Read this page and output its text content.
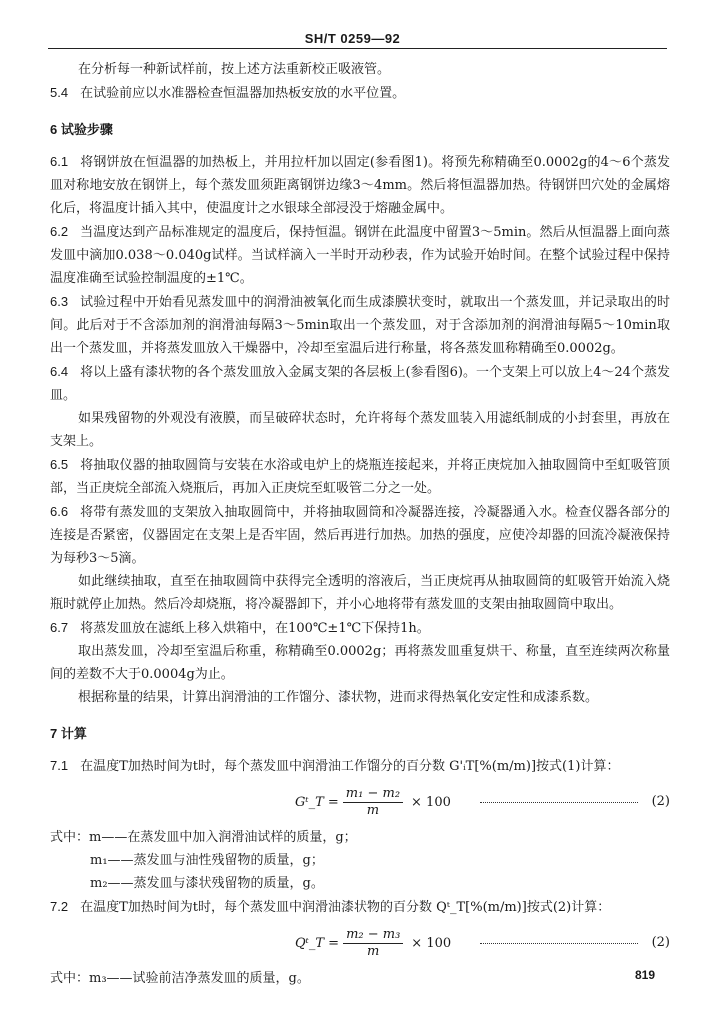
SH/T 0259—92

在分析每一种新试样前，按上述方法重新校正吸液管。

5.4 在试验前应以水准器检查恒温器加热板安放的水平位置。

6 试验步骤

6.1 将钢饼放在恒温器的加热板上，并用拉杆加以固定(参看图1)。将预先称精确至0.0002g的4～6个蒸发皿对称地安放在钢饼上，每个蒸发皿须距离钢饼边缘3～4mm。然后将恒温器加热。待钢饼凹穴处的金属熔化后，将温度计插入其中，使温度计之水银球全部浸没于熔融金属中。

6.2 当温度达到产品标准规定的温度后，保持恒温。钢饼在此温度中留置3～5min。然后从恒温器上面向蒸发皿中滴加0.038～0.040g试样。当试样滴入一半时开动秒表，作为试验开始时间。在整个试验过程中保持温度准确至试验控制温度的±1℃。

6.3 试验过程中开始看见蒸发皿中的润滑油被氧化而生成漆膜状变时，就取出一个蒸发皿，并记录取出的时间。此后对于不含添加剂的润滑油每隔3～5min取出一个蒸发皿，对于含添加剂的润滑油每隔5～10min取出一个蒸发皿，并将蒸发皿放入干燥器中，冷却至室温后进行称量，将各蒸发皿称精确至0.0002g。

6.4 将以上盛有漆状物的各个蒸发皿放入金属支架的各层板上(参看图6)。一个支架上可以放上4～24个蒸发皿。

如果残留物的外观没有液膜，而呈破碎状态时，允许将每个蒸发皿装入用滤纸制成的小封套里，再放在支架上。

6.5 将抽取仪器的抽取圆筒与安装在水浴或电炉上的烧瓶连接起来，并将正庚烷加入抽取圆筒中至虹吸管顶部，当正庚烷全部流入烧瓶后，再加入正庚烷至虹吸管二分之一处。

6.6 将带有蒸发皿的支架放入抽取圆筒中，并将抽取圆筒和冷凝器连接，冷凝器通入水。检查仪器各部分的连接是否紧密，仪器固定在支架上是否牢固，然后再进行加热。加热的强度，应使冷却器的回流冷凝液保持为每秒3～5滴。

如此继续抽取，直至在抽取圆筒中获得完全透明的溶液后，当正庚烷再从抽取圆筒的虹吸管开始流入烧瓶时就停止加热。然后冷却烧瓶，将冷凝器卸下，并小心地将带有蒸发皿的支架由抽取圆筒中取出。

6.7 将蒸发皿放在滤纸上移入烘箱中，在100℃±1℃下保持1h。

取出蒸发皿，冷却至室温后称重，称精确至0.0002g；再将蒸发皿重复烘干、称量，直至连续两次称量间的差数不大于0.0004g为止。

根据称量的结果，计算出润滑油的工作馏分、漆状物，进而求得热氧化安定性和成漆系数。

7 计算

7.1 在温度T加热时间为t时，每个蒸发皿中润滑油工作馏分的百分数 G'ᵢT[%(m/m)]按式(1)计算：

Gᵗ_T = $\frac{\text{m₁ − m₂}}{m} \times 100$	(2)

式中：m——在蒸发皿中加入润滑油试样的质量，g；

m₁——蒸发皿与油性残留物的质量，g；

m₂——蒸发皿与漆状残留物的质量，g。

7.2 在温度T加热时间为t时，每个蒸发皿中润滑油漆状物的百分数 Qᵗ_T[%(m/m)]按式(2)计算：

Qᵗ_T = $\frac{\text{m₂ − m₃}}{m} \times 100$	(2)

式中：m₃——试验前洁净蒸发皿的质量，g。	819
